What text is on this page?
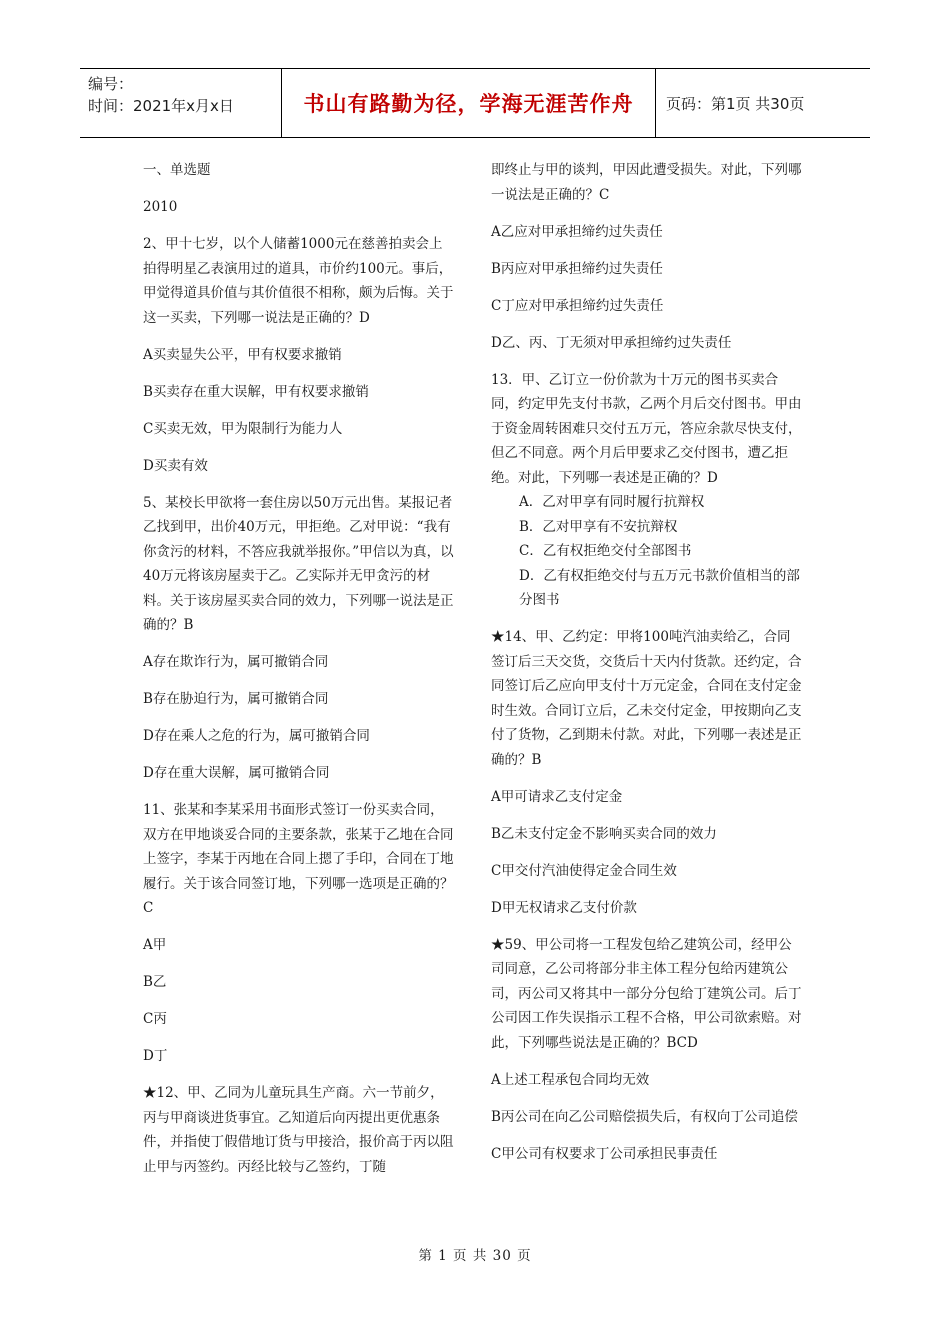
编号：
时间：2021年x月x日	书山有路勤为径，学海无涯苦作舟	页码：第1页 共30页

一、单选题

2010

2、甲十七岁，以个人储蓄1000元在慈善拍卖会上拍得明星乙表演用过的道具，市价约100元。事后，甲觉得道具价值与其价值很不相称，颇为后悔。关于这一买卖，下列哪一说法是正确的？D

A买卖显失公平，甲有权要求撤销

B买卖存在重大误解，甲有权要求撤销

C买卖无效，甲为限制行为能力人

D买卖有效

5、某校长甲欲将一套住房以50万元出售。某报记者乙找到甲，出价40万元，甲拒绝。乙对甲说：“我有你贪污的材料，不答应我就举报你。”甲信以为真，以40万元将该房屋卖于乙。乙实际并无甲贪污的材料。关于该房屋买卖合同的效力，下列哪一说法是正确的？B

A存在欺诈行为，属可撤销合同

B存在胁迫行为，属可撤销合同

D存在乘人之危的行为，属可撤销合同

D存在重大误解，属可撤销合同

11、张某和李某采用书面形式签订一份买卖合同，双方在甲地谈妥合同的主要条款，张某于乙地在合同上签字，李某于丙地在合同上摁了手印，合同在丁地履行。关于该合同签订地，下列哪一选项是正确的？C

A甲

B乙

C丙

D丁

★12、甲、乙同为儿童玩具生产商。六一节前夕，丙与甲商谈进货事宜。乙知道后向丙提出更优惠条件，并指使丁假借地订货与甲接洽，报价高于丙以阻止甲与丙签约。丙经比较与乙签约，丁随

即终止与甲的谈判，甲因此遭受损失。对此，下列哪一说法是正确的？C

A乙应对甲承担缔约过失责任

B丙应对甲承担缔约过失责任

C丁应对甲承担缔约过失责任

D乙、丙、丁无须对甲承担缔约过失责任

13．甲、乙订立一份价款为十万元的图书买卖合同，约定甲先支付书款，乙两个月后交付图书。甲由于资金周转困难只交付五万元，答应余款尽快支付，但乙不同意。两个月后甲要求乙交付图书，遭乙拒绝。对此，下列哪一表述是正确的？D

A．乙对甲享有同时履行抗辩权

B．乙对甲享有不安抗辩权

C．乙有权拒绝交付全部图书

D．乙有权拒绝交付与五万元书款价值相当的部分图书

★14、甲、乙约定：甲将100吨汽油卖给乙，合同签订后三天交货，交货后十天内付货款。还约定，合同签订后乙应向甲支付十万元定金，合同在支付定金时生效。合同订立后，乙未交付定金，甲按期向乙支付了货物，乙到期未付款。对此，下列哪一表述是正确的？B

A甲可请求乙支付定金

B乙未支付定金不影响买卖合同的效力

C甲交付汽油使得定金合同生效

D甲无权请求乙支付价款

★59、甲公司将一工程发包给乙建筑公司，经甲公司同意，乙公司将部分非主体工程分包给丙建筑公司，丙公司又将其中一部分分包给丁建筑公司。后丁公司因工作失误指示工程不合格，甲公司欲索赔。对此，下列哪些说法是正确的？BCD

A上述工程承包合同均无效

B丙公司在向乙公司赔偿损失后，有权向丁公司追偿

C甲公司有权要求丁公司承担民事责任

第 1 页 共 30 页
